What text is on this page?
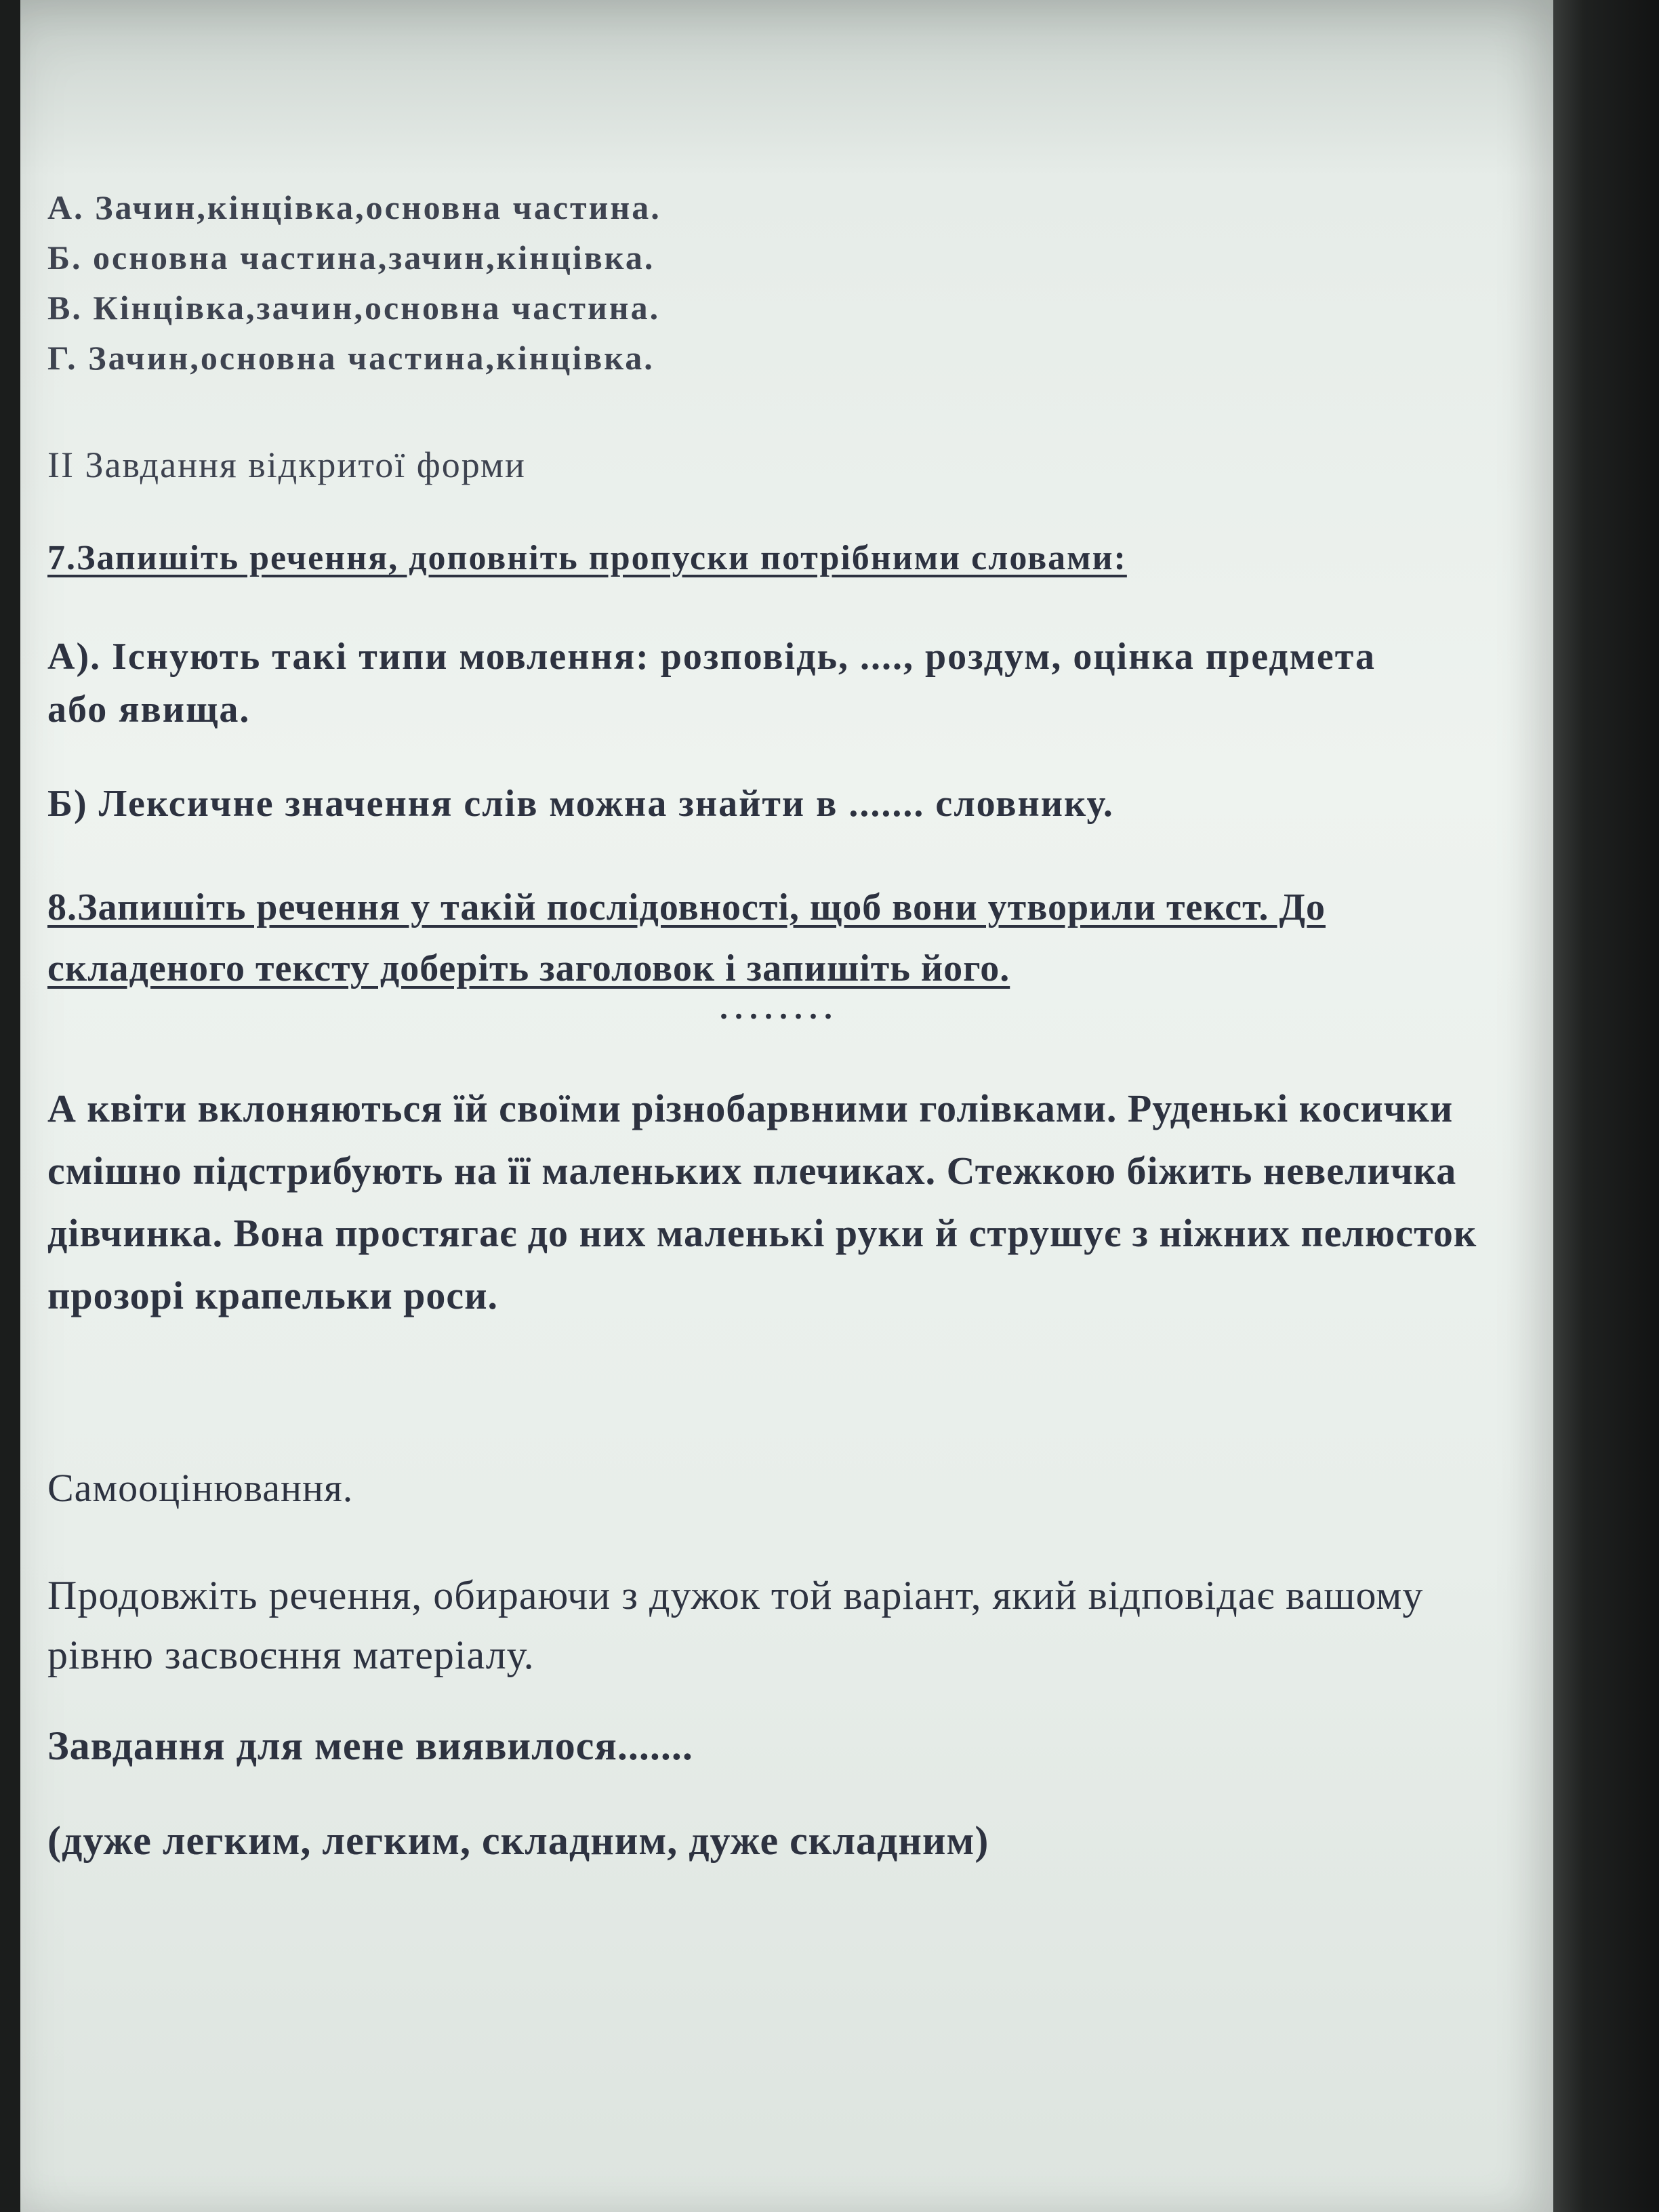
А. Зачин,кінцівка,основна частина.
Б. основна частина,зачин,кінцівка.
В. Кінцівка,зачин,основна частина.
Г. Зачин,основна частина,кінцівка.
ІІ Завдання відкритої форми
7.Запишіть речення, доповніть пропуски потрібними словами:
А). Існують такі типи мовлення: розповідь, ...., роздум, оцінка предмета або явища.
Б) Лексичне значення слів можна знайти в ....... словнику.
8.Запишіть речення у такій послідовності, щоб вони утворили текст. До складеного тексту доберіть заголовок і запишіть його.
........
А квіти вклоняються їй своїми різнобарвними голівками. Руденькі косички смішно підстрибують на її маленьких плечиках. Стежкою біжить невеличка дівчинка. Вона простягає до них маленькі руки й струшує з ніжних пелюсток прозорі крапельки роси.
Самооцінювання.
Продовжіть речення, обираючи з дужок той варіант, який відповідає вашому рівню засвоєння матеріалу.
Завдання для мене виявилося.......
(дуже легким, легким, складним, дуже складним)
